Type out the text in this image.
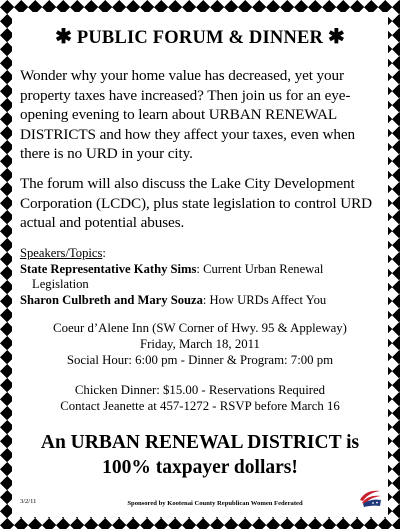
✱ PUBLIC FORUM & DINNER ✱
Wonder why your home value has decreased, yet your property taxes have increased? Then join us for an eye-opening evening to learn about URBAN RENEWAL DISTRICTS and how they affect your taxes, even when there is no URD in your city.
The forum will also discuss the Lake City Development Corporation (LCDC), plus state legislation to control URD actual and potential abuses.
Speakers/Topics:
State Representative Kathy Sims: Current Urban Renewal
Legislation
Sharon Culbreth and Mary Souza: How URDs Affect You
Coeur d’Alene Inn (SW Corner of Hwy. 95 & Appleway)
Friday, March 18, 2011
Social Hour: 6:00 pm - Dinner & Program: 7:00 pm
Chicken Dinner: $15.00 - Reservations Required
Contact Jeanette at 457-1272 - RSVP before March 16
An URBAN RENEWAL DISTRICT is
100% taxpayer dollars!
3/2/11	Sponsored by Kootenai County Republican Women Federated
